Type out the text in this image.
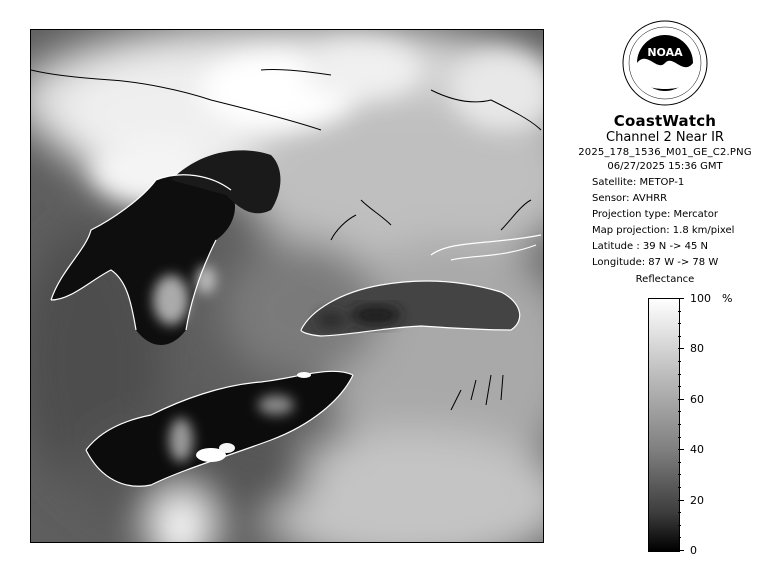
NOAA
CoastWatch
Channel 2 Near IR
2025_178_1536_M01_GE_C2.PNG
06/27/2025 15:36 GMT
Satellite: METOP-1
Sensor: AVHRR
Projection type: Mercator
Map projection: 1.8 km/pixel
Latitude : 39 N -> 45 N
Longitude: 87 W -> 78 W
Reflectance
%
100
80
60
40
20
0
